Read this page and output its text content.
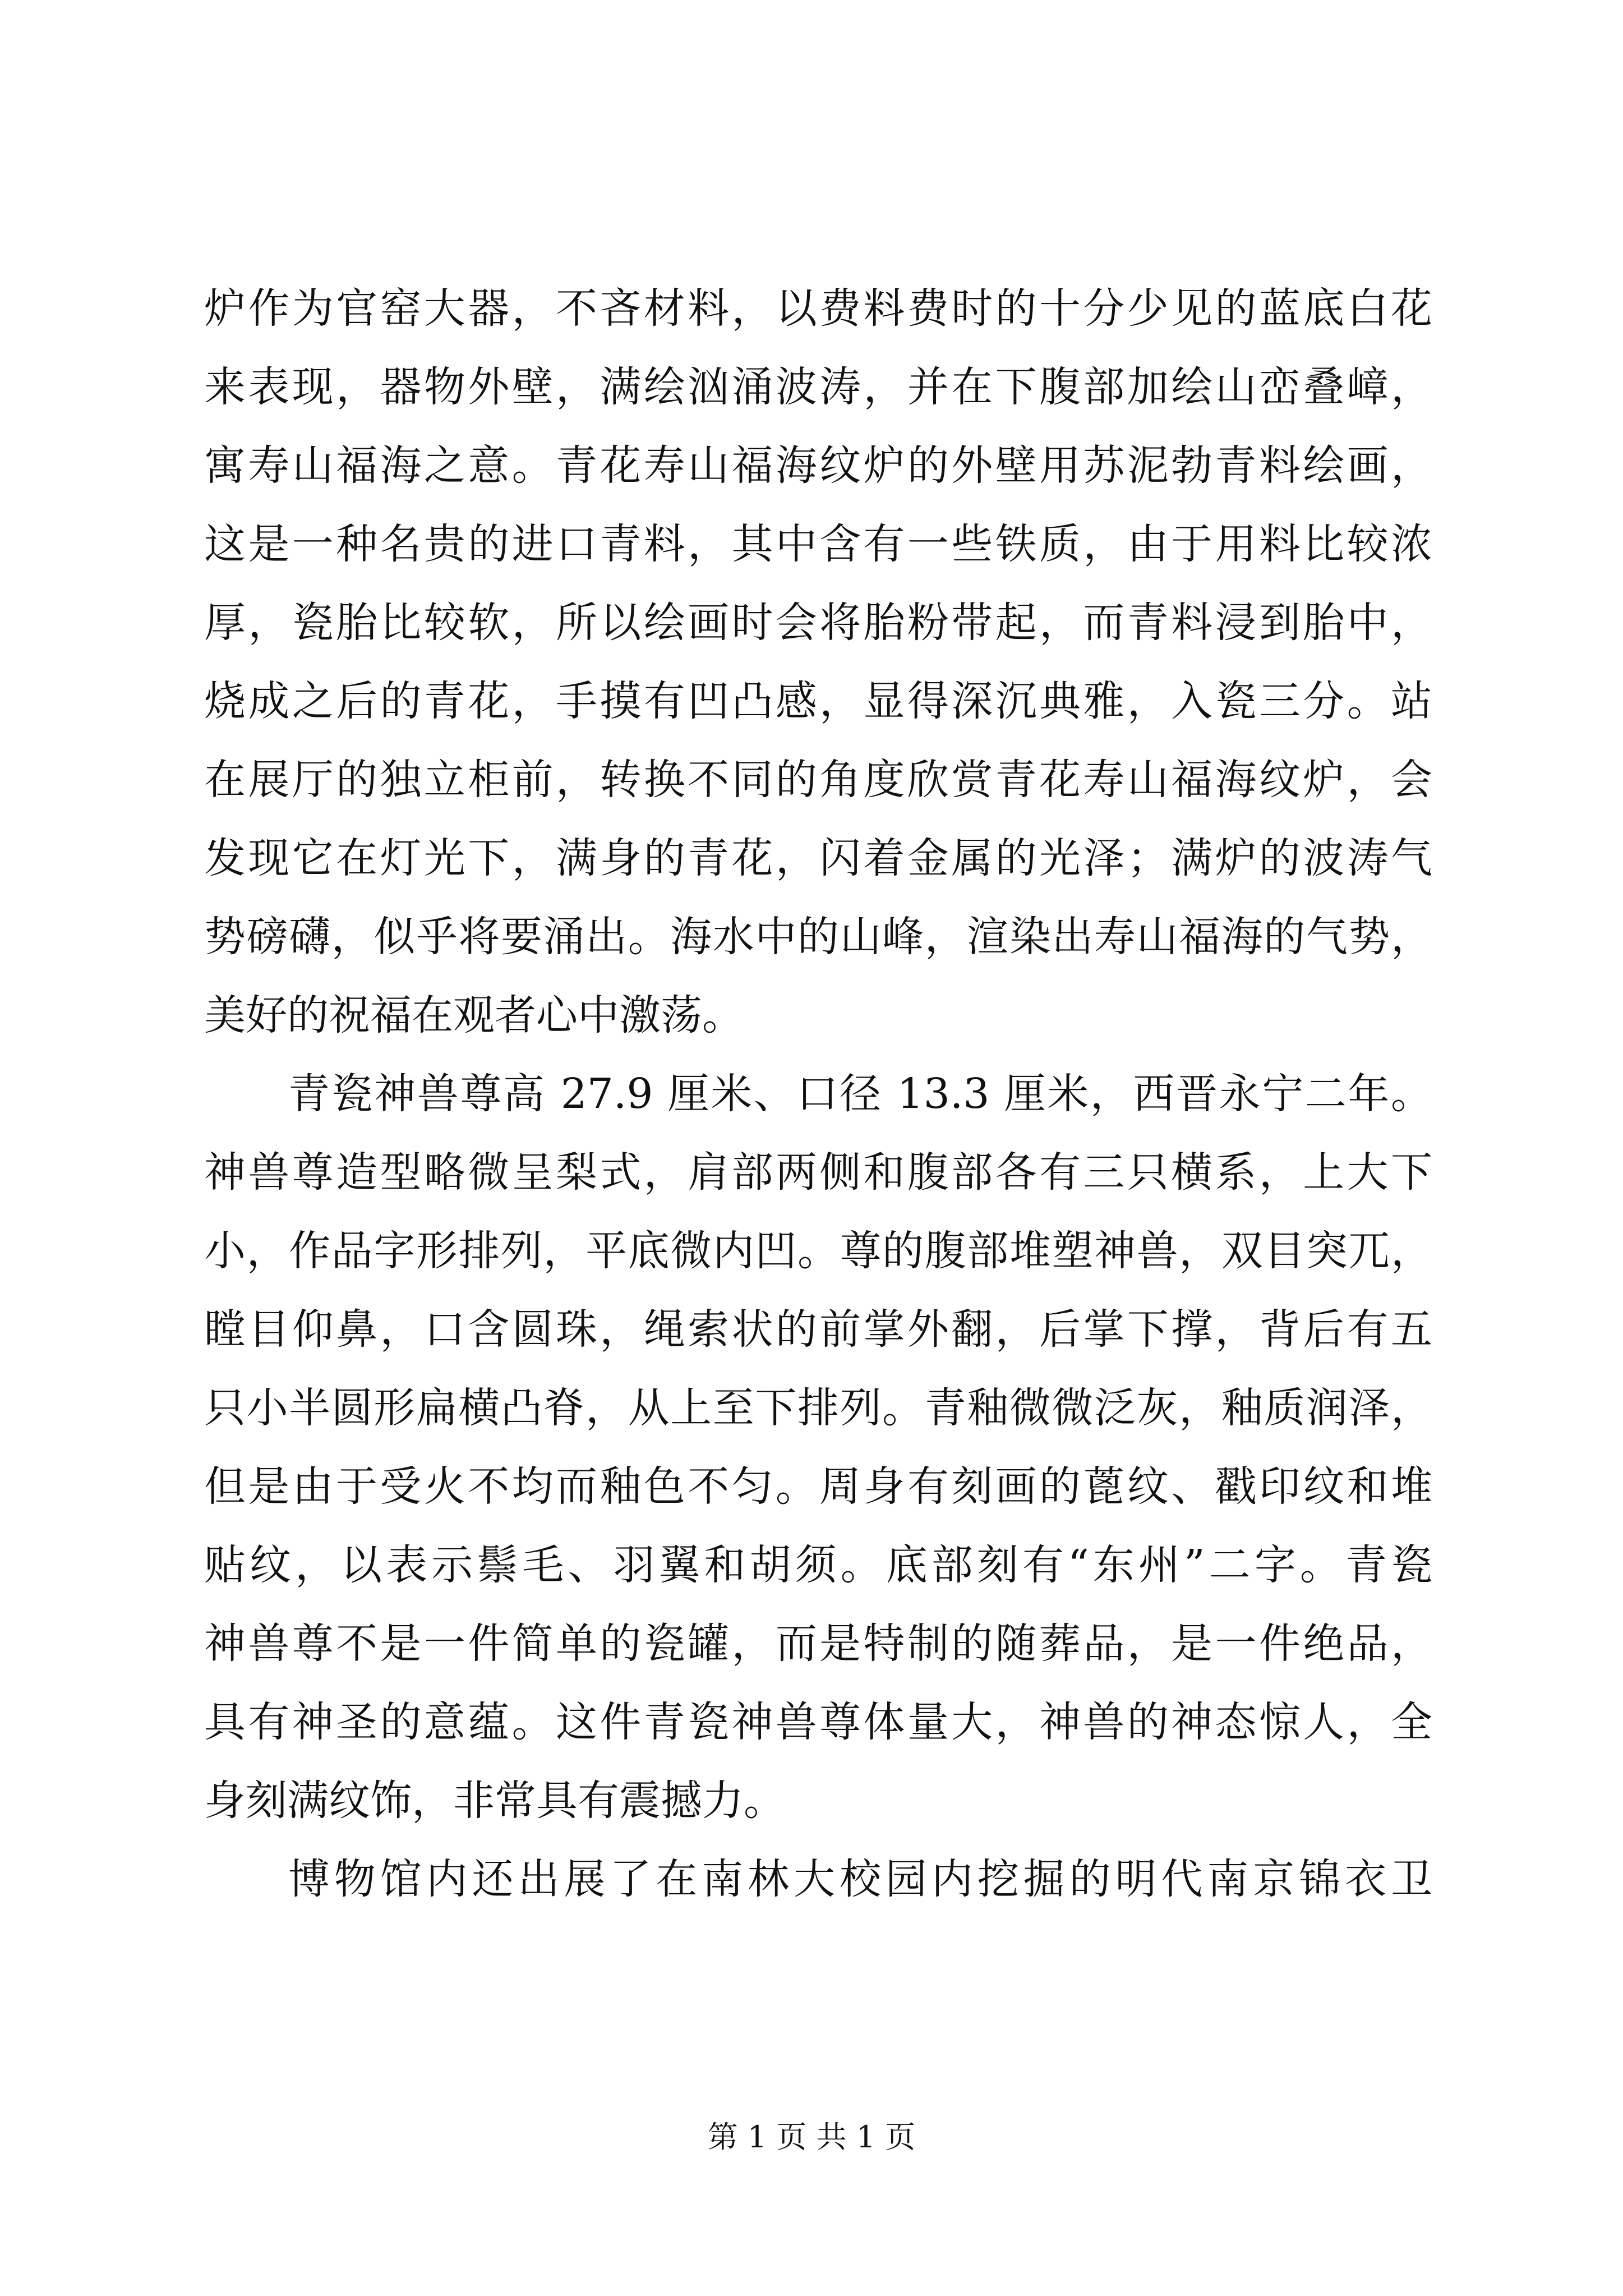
炉作为官窑大器，不吝材料，以费料费时的十分少见的蓝底白花
来表现，器物外壁，满绘汹涌波涛，并在下腹部加绘山峦叠嶂，
寓寿山福海之意。青花寿山福海纹炉的外壁用苏泥勃青料绘画，
这是一种名贵的进口青料，其中含有一些铁质，由于用料比较浓
厚，瓷胎比较软，所以绘画时会将胎粉带起，而青料浸到胎中，
烧成之后的青花，手摸有凹凸感，显得深沉典雅，入瓷三分。站
在展厅的独立柜前，转换不同的角度欣赏青花寿山福海纹炉，会
发现它在灯光下，满身的青花，闪着金属的光泽；满炉的波涛气
势磅礴，似乎将要涌出。海水中的山峰，渲染出寿山福海的气势，
美好的祝福在观者心中激荡。
青瓷神兽尊高 27.9 厘米、口径 13.3 厘米，西晋永宁二年。
神兽尊造型略微呈梨式，肩部两侧和腹部各有三只横系，上大下
小，作品字形排列，平底微内凹。尊的腹部堆塑神兽，双目突兀，
瞠目仰鼻，口含圆珠，绳索状的前掌外翻，后掌下撑，背后有五
只小半圆形扁横凸脊，从上至下排列。青釉微微泛灰，釉质润泽，
但是由于受火不均而釉色不匀。周身有刻画的蓖纹、戳印纹和堆
贴纹，以表示鬃毛、羽翼和胡须。底部刻有“东州”二字。青瓷
神兽尊不是一件简单的瓷罐，而是特制的随葬品，是一件绝品，
具有神圣的意蕴。这件青瓷神兽尊体量大，神兽的神态惊人，全
身刻满纹饰，非常具有震撼力。
博物馆内还出展了在南林大校园内挖掘的明代南京锦衣卫
第 1 页 共 1 页
